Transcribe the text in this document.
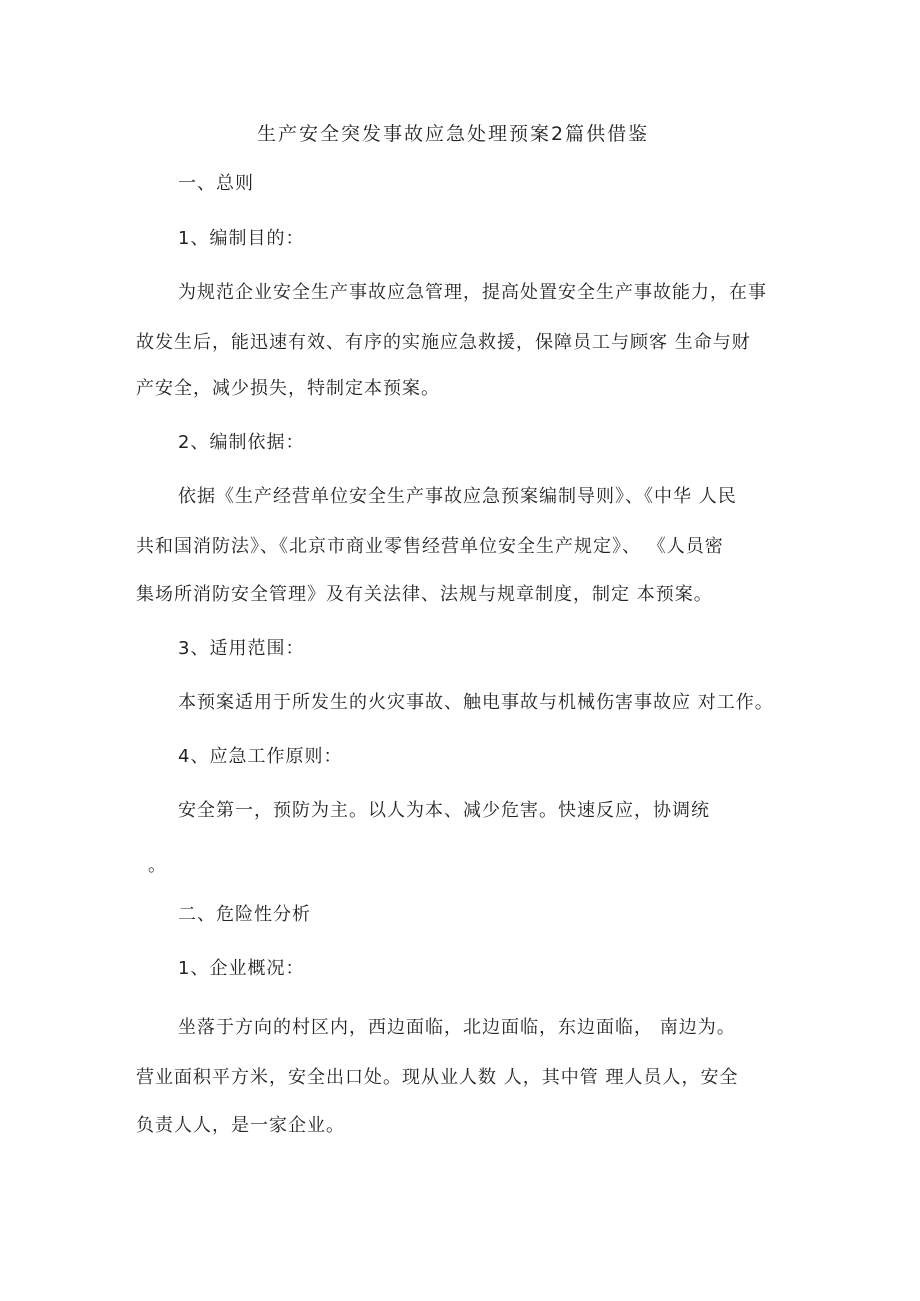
生产安全突发事故应急处理预案2篇供借鉴
一、总则
1、编制目的：
为规范企业安全生产事故应急管理，提高处置安全生产事故能力，在事
故发生后，能迅速有效、有序的实施应急救援，保障员工与顾客 生命与财
产安全，减少损失，特制定本预案。
2、编制依据：
依据《生产经营单位安全生产事故应急预案编制导则》、《中华 人民
共和国消防法》、《北京市商业零售经营单位安全生产规定》、 《人员密
集场所消防安全管理》及有关法律、法规与规章制度，制定 本预案。
3、适用范围：
本预案适用于所发生的火灾事故、触电事故与机械伤害事故应 对工作。
4、应急工作原则：
安全第一，预防为主。以人为本、减少危害。快速反应，协调统
。
二、危险性分析
1、企业概况：
坐落于方向的村区内，西边面临，北边面临，东边面临， 南边为。
营业面积平方米，安全出口处。现从业人数 人，其中管 理人员人，安全
负责人人，是一家企业。
